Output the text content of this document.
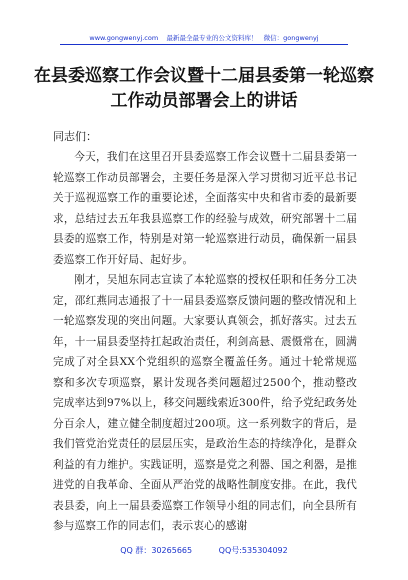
www.gongwenyj.com 最新最全最专业的公文资料库！ 微信：gongwenyj
在县委巡察工作会议暨十二届县委第一轮巡察工作动员部署会上的讲话
同志们：

今天，我们在这里召开县委巡察工作会议暨十二届县委第一轮巡察工作动员部署会，主要任务是深入学习贯彻习近平总书记关于巡视巡察工作的重要论述，全面落实中央和省市委的最新要求，总结过去五年我县巡察工作的经验与成效，研究部署十二届县委的巡察工作，特别是对第一轮巡察进行动员，确保新一届县委巡察工作开好局、起好步。

刚才，吴旭东同志宣读了本轮巡察的授权任职和任务分工决定，邵红燕同志通报了十一届县委巡察反馈问题的整改情况和上一轮巡察发现的突出问题。大家要认真领会，抓好落实。过去五年，十一届县委坚持扛起政治责任，利剑高悬、震慑常在，圆满完成了对全县XX个党组织的巡察全覆盖任务。通过十轮常规巡察和多次专项巡察，累计发现各类问题超过2500个，推动整改完成率达到97%以上，移交问题线索近300件，给予党纪政务处分百余人，建立健全制度超过200项。这一系列数字的背后，是我们管党治党责任的层层压实，是政治生态的持续净化，是群众利益的有力维护。实践证明，巡察是党之利器、国之利器，是推进党的自我革命、全面从严治党的战略性制度安排。在此，我代表县委，向上一届县委巡察工作领导小组的同志们，向全县所有参与巡察工作的同志们，表示衷心的感谢

QQ 群：30265665	QQ号:535304092
